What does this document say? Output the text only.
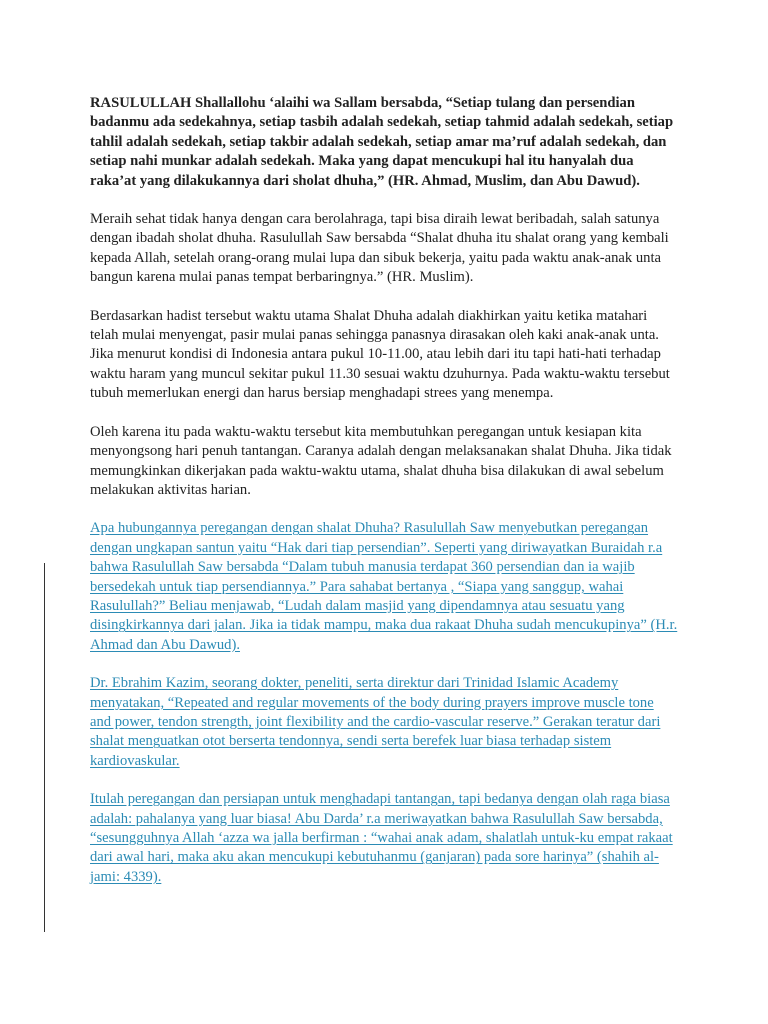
RASULULLAH Shallallohu ‘alaihi wa Sallam bersabda, “Setiap tulang dan persendian badanmu ada sedekahnya, setiap tasbih adalah sedekah, setiap tahmid adalah sedekah, setiap tahlil adalah sedekah, setiap takbir adalah sedekah, setiap amar ma’ruf adalah sedekah, dan setiap nahi munkar adalah sedekah. Maka yang dapat mencukupi hal itu hanyalah dua raka’at yang dilakukannya dari sholat dhuha,” (HR. Ahmad, Muslim, dan Abu Dawud).

Meraih sehat tidak hanya dengan cara berolahraga, tapi bisa diraih lewat beribadah, salah satunya dengan ibadah sholat dhuha. Rasulullah Saw bersabda “Shalat dhuha itu shalat orang yang kembali kepada Allah, setelah orang-orang mulai lupa dan sibuk bekerja, yaitu pada waktu anak-anak unta bangun karena mulai panas tempat berbaringnya.” (HR. Muslim).

Berdasarkan hadist tersebut waktu utama Shalat Dhuha adalah diakhirkan yaitu ketika matahari telah mulai menyengat, pasir mulai panas sehingga panasnya dirasakan oleh kaki anak-anak unta. Jika menurut kondisi di Indonesia antara pukul 10-11.00, atau lebih dari itu tapi hati-hati terhadap waktu haram yang muncul sekitar pukul 11.30 sesuai waktu dzuhurnya. Pada waktu-waktu tersebut tubuh memerlukan energi dan harus bersiap menghadapi strees yang menempa.

Oleh karena itu pada waktu-waktu tersebut kita membutuhkan peregangan untuk kesiapan kita menyongsong hari penuh tantangan. Caranya adalah dengan melaksanakan shalat Dhuha. Jika tidak memungkinkan dikerjakan pada waktu-waktu utama, shalat dhuha bisa dilakukan di awal sebelum melakukan aktivitas harian.

Apa hubungannya peregangan dengan shalat Dhuha? Rasulullah Saw menyebutkan peregangan dengan ungkapan santun yaitu “Hak dari tiap persendian”. Seperti yang diriwayatkan Buraidah r.a bahwa Rasulullah Saw bersabda “Dalam tubuh manusia terdapat 360 persendian dan ia wajib bersedekah untuk tiap persendiannya.” Para sahabat bertanya , “Siapa yang sanggup, wahai Rasulullah?” Beliau menjawab, “Ludah dalam masjid yang dipendamnya atau sesuatu yang disingkirkannya dari jalan. Jika ia tidak mampu, maka dua rakaat Dhuha sudah mencukupinya” (H.r. Ahmad dan Abu Dawud).

Dr. Ebrahim Kazim, seorang dokter, peneliti, serta direktur dari Trinidad Islamic Academy menyatakan, “Repeated and regular movements of the body during prayers improve muscle tone and power, tendon strength, joint flexibility and the cardio-vascular reserve.” Gerakan teratur dari shalat menguatkan otot berserta tendonnya, sendi serta berefek luar biasa terhadap sistem kardiovaskular.

Itulah peregangan dan persiapan untuk menghadapi tantangan, tapi bedanya dengan olah raga biasa adalah: pahalanya yang luar biasa! Abu Darda’ r.a meriwayatkan bahwa Rasulullah Saw bersabda, “sesungguhnya Allah ‘azza wa jalla berfirman : “wahai anak adam, shalatlah untuk-ku empat rakaat dari awal hari, maka aku akan mencukupi kebutuhanmu (ganjaran) pada sore harinya” (shahih al-jami: 4339).
